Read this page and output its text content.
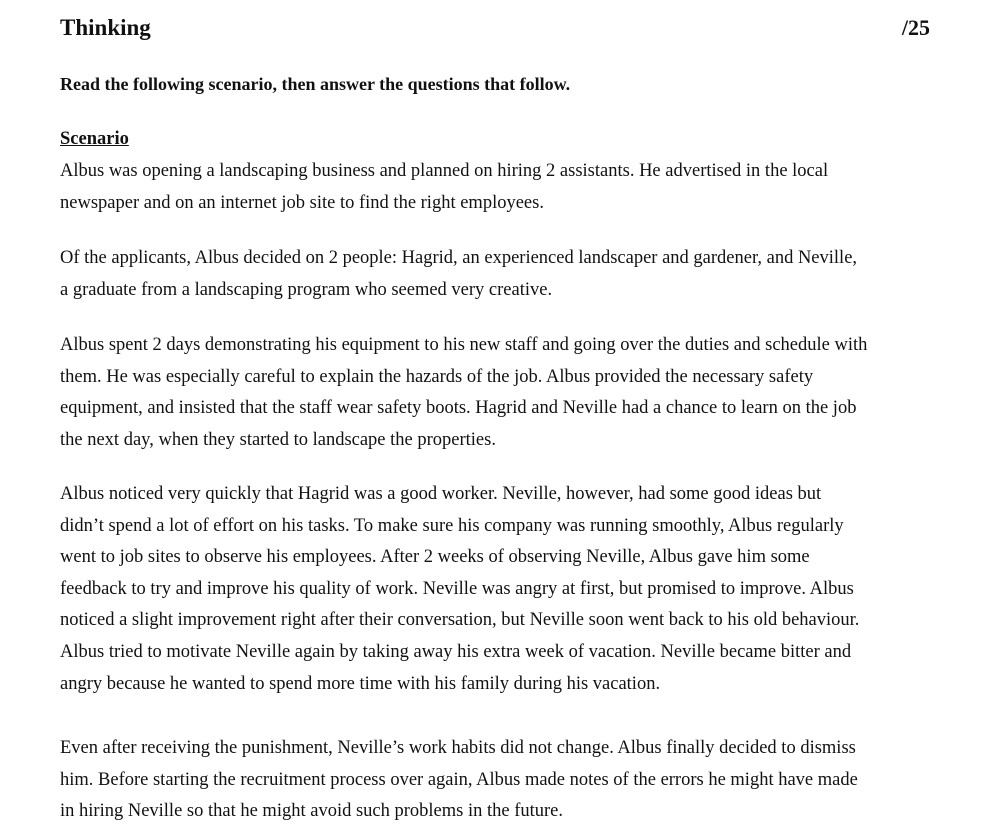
Thinking	/25
Read the following scenario, then answer the questions that follow.
Scenario

Albus was opening a landscaping business and planned on hiring 2 assistants. He advertised in the local
newspaper and on an internet job site to find the right employees.

Of the applicants, Albus decided on 2 people: Hagrid, an experienced landscaper and gardener, and Neville,
a graduate from a landscaping program who seemed very creative.

Albus spent 2 days demonstrating his equipment to his new staff and going over the duties and schedule with
them. He was especially careful to explain the hazards of the job. Albus provided the necessary safety
equipment, and insisted that the staff wear safety boots. Hagrid and Neville had a chance to learn on the job
the next day, when they started to landscape the properties.

Albus noticed very quickly that Hagrid was a good worker. Neville, however, had some good ideas but
didn’t spend a lot of effort on his tasks. To make sure his company was running smoothly, Albus regularly
went to job sites to observe his employees. After 2 weeks of observing Neville, Albus gave him some
feedback to try and improve his quality of work. Neville was angry at first, but promised to improve. Albus
noticed a slight improvement right after their conversation, but Neville soon went back to his old behaviour.
Albus tried to motivate Neville again by taking away his extra week of vacation. Neville became bitter and
angry because he wanted to spend more time with his family during his vacation.

Even after receiving the punishment, Neville’s work habits did not change. Albus finally decided to dismiss
him. Before starting the recruitment process over again, Albus made notes of the errors he might have made
in hiring Neville so that he might avoid such problems in the future.
